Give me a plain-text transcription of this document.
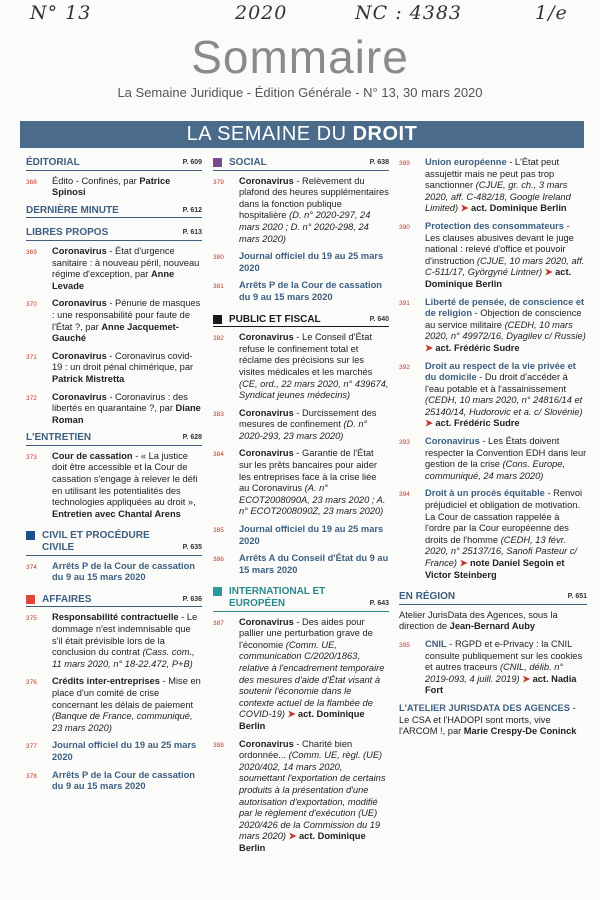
N° 13	2020	NC : 4383	1/e
Sommaire
La Semaine Juridique - Édition Générale - N° 13, 30 mars 2020
LA SEMAINE DU DROIT
ÉDITORIAL	P. 609
368	Édito - Confinés, par Patrice Spinosi
DERNIÈRE MINUTE	P. 612
LIBRES PROPOS	P. 613
369	Coronavirus - État d'urgence sanitaire : à nouveau péril, nouveau régime d'exception, par Anne Levade
370	Coronavirus - Pénurie de masques : une responsabilité pour faute de l'État ?, par Anne Jacquemet-Gauché
371	Coronavirus - Coronavirus covid-19 : un droit pénal chimérique, par Patrick Mistretta
372	Coronavirus - Coronavirus : des libertés en quarantaine ?, par Diane Roman
L'ENTRETIEN	P. 628
373	Cour de cassation - « La justice doit être accessible et la Cour de cassation s'engage à relever le défi en utilisant les potentialités des technologies appliquées au droit », Entretien avec Chantal Arens
CIVIL ET PROCÉDURE CIVILE	P. 635
374	Arrêts P de la Cour de cassation du 9 au 15 mars 2020
AFFAIRES	P. 636
375	Responsabilité contractuelle - Le dommage n'est indemnisable que s'il était prévisible lors de la conclusion du contrat (Cass. com., 11 mars 2020, n° 18-22.472, P+B)
376	Crédits inter-entreprises - Mise en place d'un comité de crise concernant les délais de paiement (Banque de France, communiqué, 23 mars 2020)
377	Journal officiel du 19 au 25 mars 2020
378	Arrêts P de la Cour de cassation du 9 au 15 mars 2020
SOCIAL	P. 638
379	Coronavirus - Relèvement du plafond des heures supplémentaires dans la fonction publique hospitalière (D. n° 2020-297, 24 mars 2020 ; D. n° 2020-298, 24 mars 2020)
380	Journal officiel du 19 au 25 mars 2020
381	Arrêts P de la Cour de cassation du 9 au 15 mars 2020
PUBLIC ET FISCAL	P. 640
382	Coronavirus - Le Conseil d'État refuse le confinement total et réclame des précisions sur les visites médicales et les marchés (CE, ord., 22 mars 2020, n° 439674, Syndicat jeunes médecins)
383	Coronavirus - Durcissement des mesures de confinement (D. n° 2020-293, 23 mars 2020)
384	Coronavirus - Garantie de l'État sur les prêts bancaires pour aider les entreprises face à la crise liée au Coronavirus (A. n° ECOT2008090A, 23 mars 2020 ; A. n° ECOT2008090Z, 23 mars 2020)
385	Journal officiel du 19 au 25 mars 2020
386	Arrêts A du Conseil d'État du 9 au 15 mars 2020
INTERNATIONAL ET EUROPÉEN	P. 643
387	Coronavirus - Des aides pour pallier une perturbation grave de l'économie (Comm. UE, communication C/2020/1863, relative à l'encadrement temporaire des mesures d'aide d'État visant à soutenir l'économie dans le contexte actuel de la flambée de COVID-19) ➤ act. Dominique Berlin
388	Coronavirus - Charité bien ordonnée... (Comm. UE, règl. (UE) 2020/402, 14 mars 2020, soumettant l'exportation de certains produits à la présentation d'une autorisation d'exportation, modifié par le règlement d'exécution (UE) 2020/426 de la Commission du 19 mars 2020) ➤ act. Dominique Berlin
389	Union européenne - L'État peut assujettir mais ne peut pas trop sanctionner (CJUE, gr. ch., 3 mars 2020, aff. C-482/18, Google Ireland Limited) ➤ act. Dominique Berlin
390	Protection des consommateurs - Les clauses abusives devant le juge national : relevé d'office et pouvoir d'instruction (CJUE, 10 mars 2020, aff. C-511/17, Györgyné Lintner) ➤ act. Dominique Berlin
391	Liberté de pensée, de conscience et de religion - Objection de conscience au service militaire (CEDH, 10 mars 2020, n° 49972/16, Dyagilev c/ Russie) ➤ act. Frédéric Sudre
392	Droit au respect de la vie privée et du domicile - Du droit d'accéder à l'eau potable et à l'assainissement (CEDH, 10 mars 2020, n° 24816/14 et 25140/14, Hudorovic et a. c/ Slovénie) ➤ act. Frédéric Sudre
393	Coronavirus - Les États doivent respecter la Convention EDH dans leur gestion de la crise (Cons. Europe, communiqué, 24 mars 2020)
394	Droit à un procès équitable - Renvoi préjudiciel et obligation de motivation. La Cour de cassation rappelée à l'ordre par la Cour européenne des droits de l'homme (CEDH, 13 févr. 2020, n° 25137/16, Sanofi Pasteur c/ France) ➤ note Daniel Segoin et Victor Steinberg
EN RÉGION	P. 651
Atelier JurisData des Agences, sous la direction de Jean-Bernard Auby
395	CNIL - RGPD et e-Privacy : la CNIL consulte publiquement sur les cookies et autres traceurs (CNIL, délib. n° 2019-093, 4 juill. 2019) ➤ act. Nadia Fort
L'ATELIER JURISDATA DES AGENCES - Le CSA et l'HADOPI sont morts, vive l'ARCOM !, par Marie Crespy-De Coninck
